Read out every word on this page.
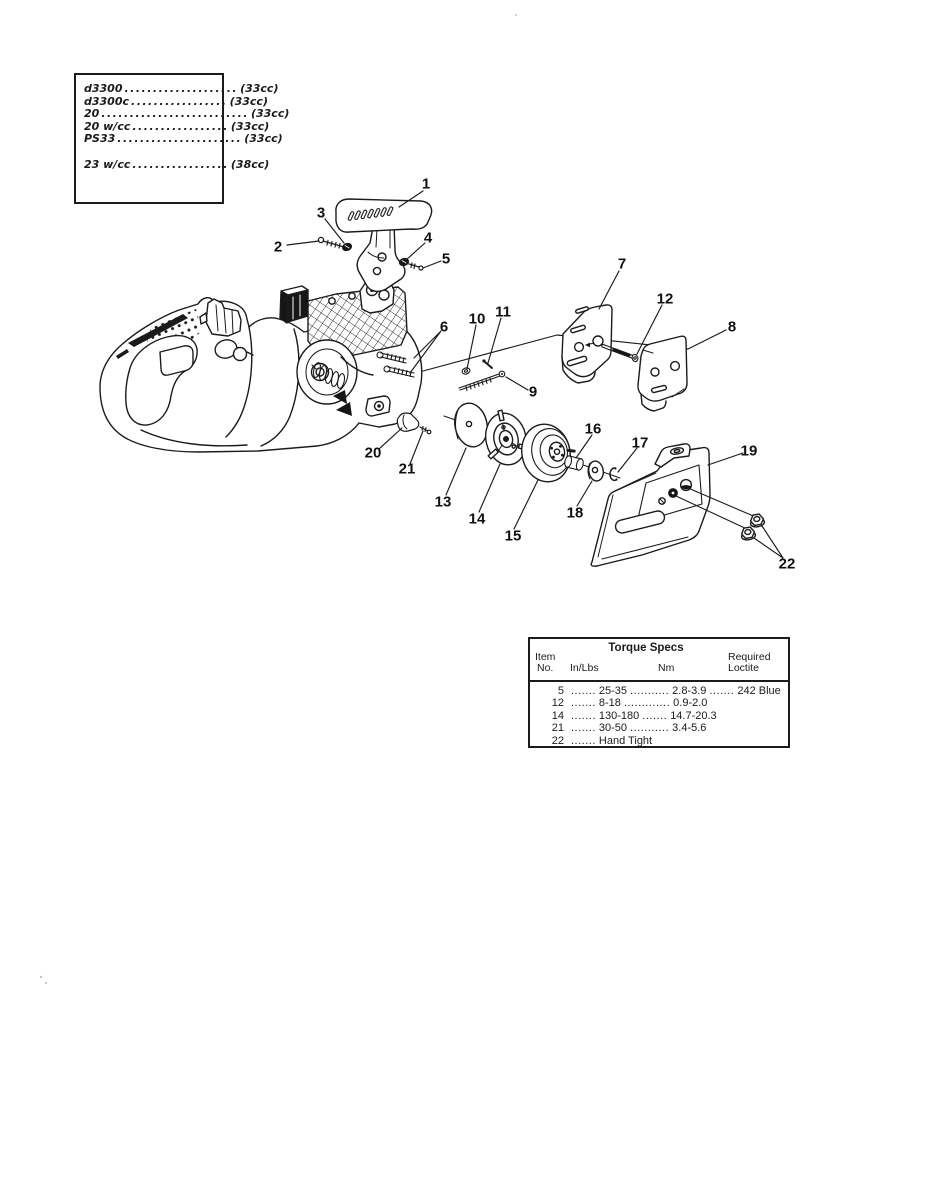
d3300 .................... (33cc)
d3300c ................. (33cc)
20 .......................... (33cc)
20 w/cc ................. (33cc)
PS33 ...................... (33cc)
23 w/cc ................. (38cc)
Torque Specs
Item
No. In/Lbs	Nm
Required
Loctite
5 ....... 25-35 ........... 2.8-3.9 ....... 242 Blue
12 ....... 8-18 ............. 0.9-2.0
14 ....... 130-180 ....... 14.7-20.3
21 ....... 30-50 ........... 3.4-5.6
22 ....... Hand Tight
1
2
3
4
5
6
7
8
9
10 11
12
13
14
15
16
17
18
19
20
21
22
